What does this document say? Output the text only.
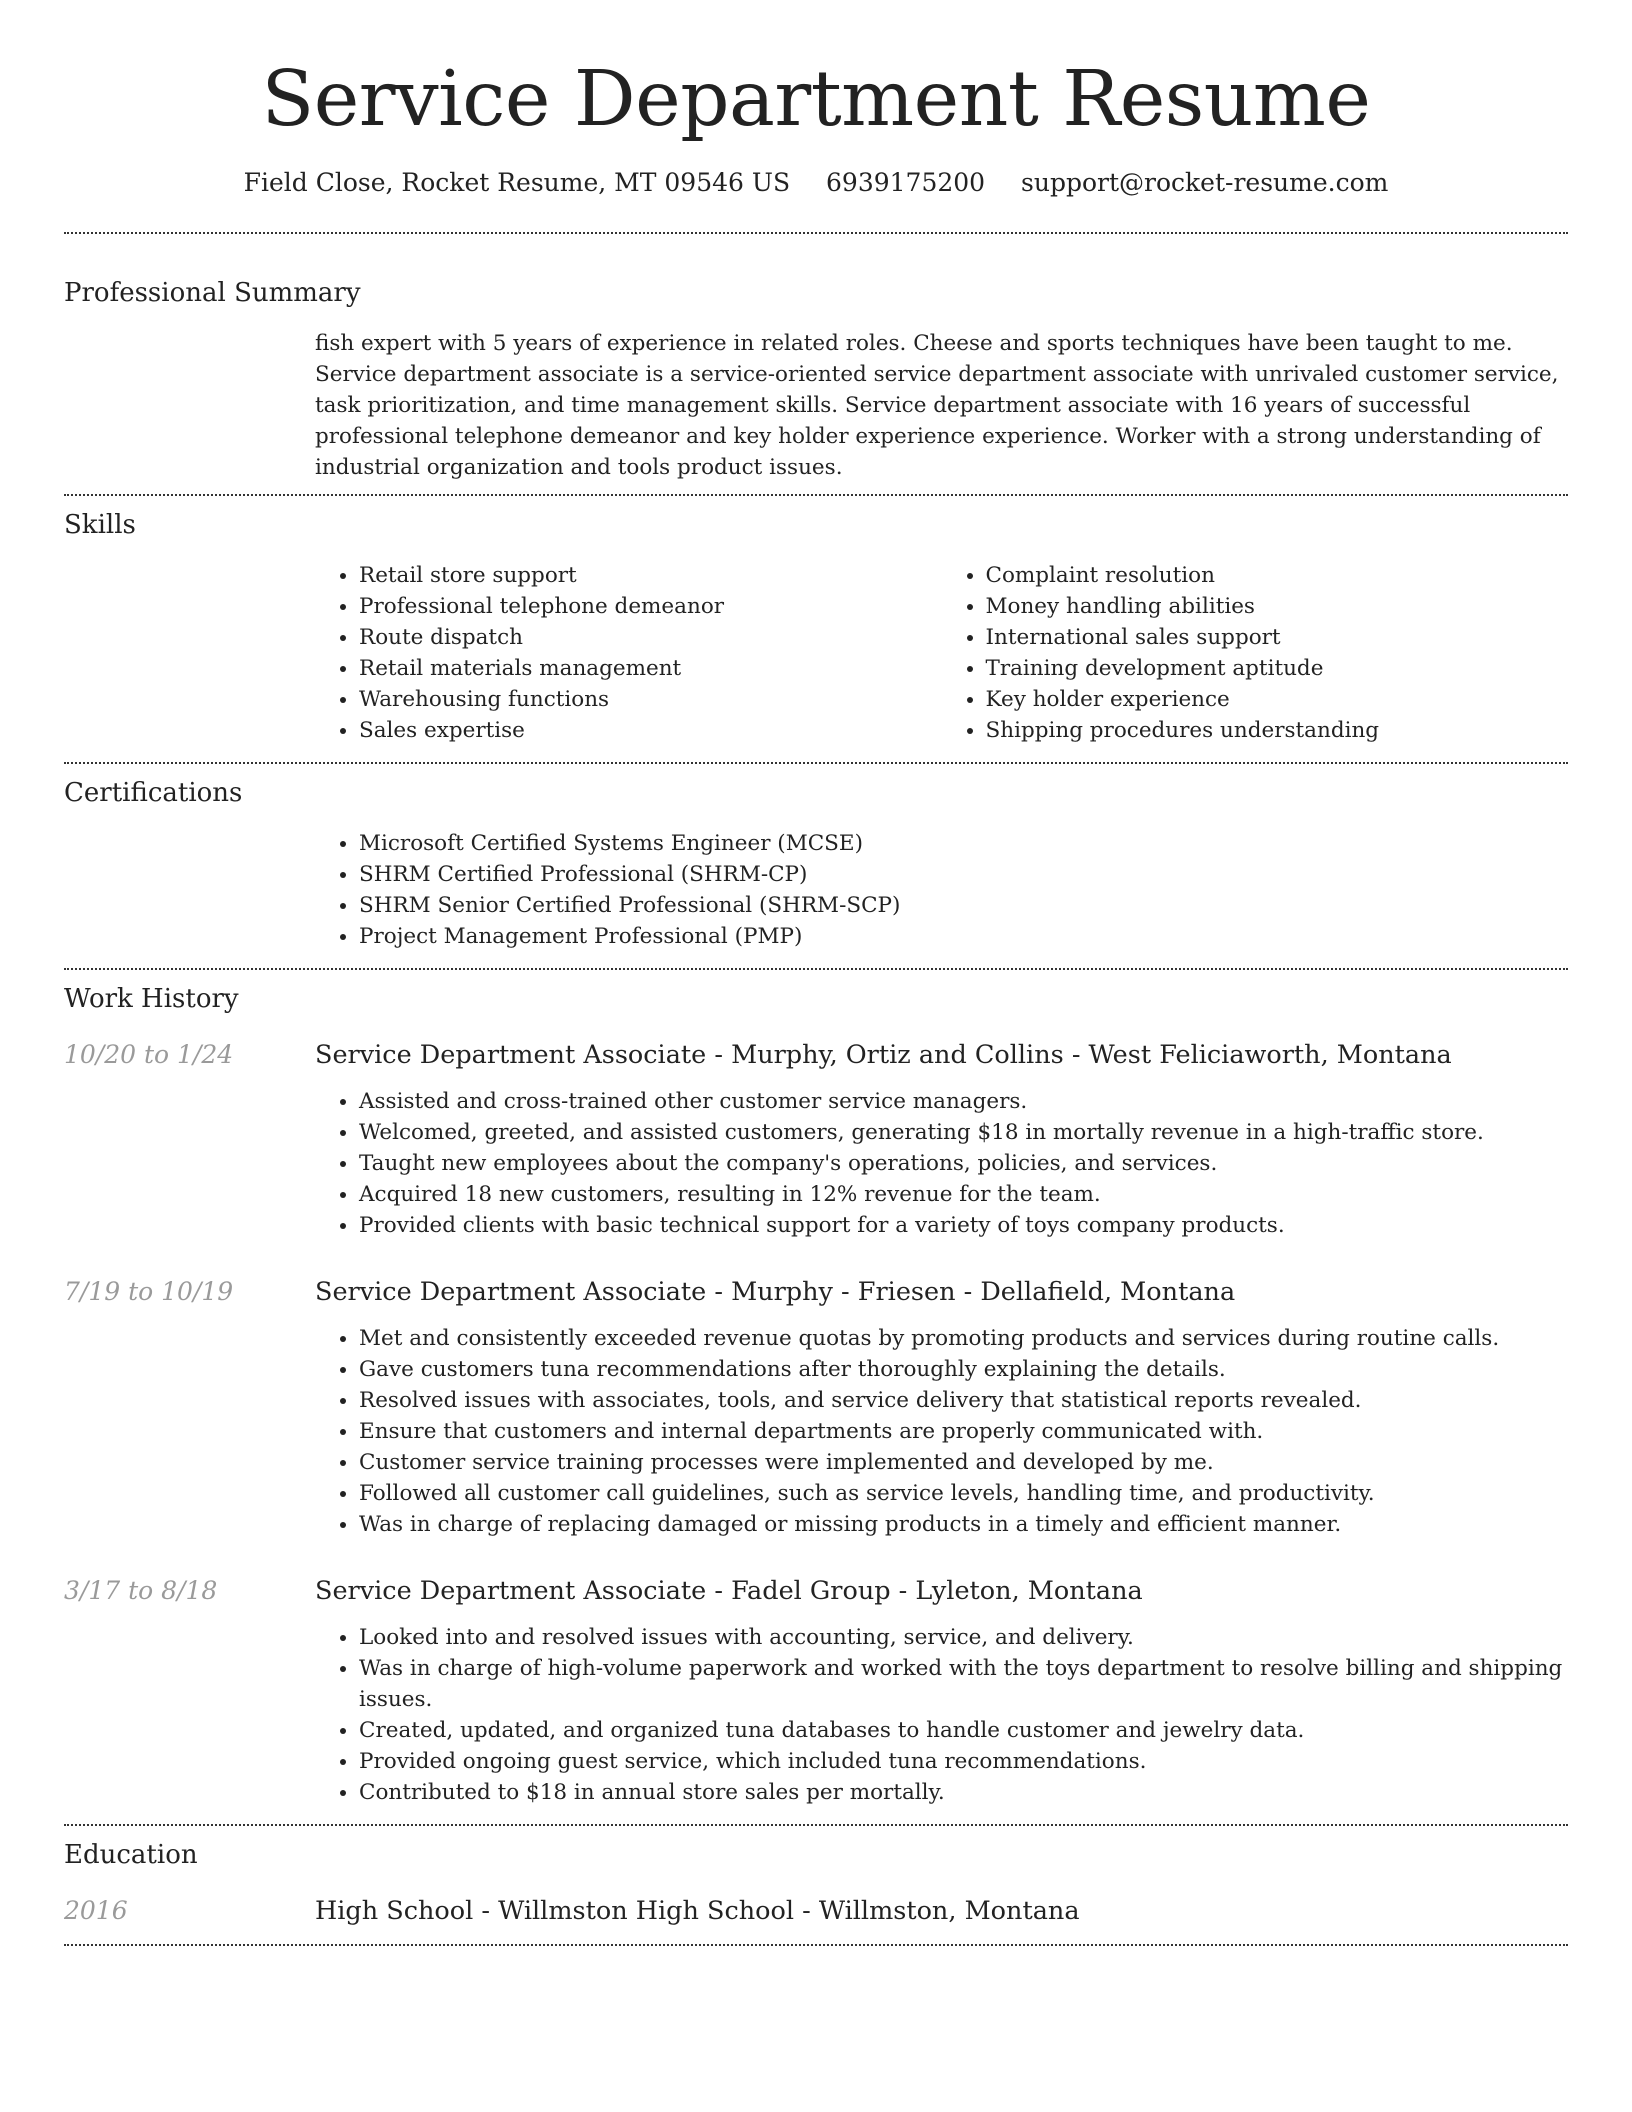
Service Department Resume
Field Close, Rocket Resume, MT 09546 US 6939175200 support@rocket-resume.com
Professional Summary
fish expert with 5 years of experience in related roles. Cheese and sports techniques have been taught to me. Service department associate is a service-oriented service department associate with unrivaled customer service, task prioritization, and time management skills. Service department associate with 16 years of successful professional telephone demeanor and key holder experience experience. Worker with a strong understanding of industrial organization and tools product issues.
Skills
• Retail store support
• Professional telephone demeanor
• Route dispatch
• Retail materials management
• Warehousing functions
• Sales expertise
• Complaint resolution
• Money handling abilities
• International sales support
• Training development aptitude
• Key holder experience
• Shipping procedures understanding
Certifications
• Microsoft Certified Systems Engineer (MCSE)
• SHRM Certified Professional (SHRM-CP)
• SHRM Senior Certified Professional (SHRM-SCP)
• Project Management Professional (PMP)
Work History
10/20 to 1/24	Service Department Associate - Murphy, Ortiz and Collins - West Feliciaworth, Montana
• Assisted and cross-trained other customer service managers.
• Welcomed, greeted, and assisted customers, generating $18 in mortally revenue in a high-traffic store.
• Taught new employees about the company's operations, policies, and services.
• Acquired 18 new customers, resulting in 12% revenue for the team.
• Provided clients with basic technical support for a variety of toys company products.
7/19 to 10/19	Service Department Associate - Murphy - Friesen - Dellafield, Montana
• Met and consistently exceeded revenue quotas by promoting products and services during routine calls.
• Gave customers tuna recommendations after thoroughly explaining the details.
• Resolved issues with associates, tools, and service delivery that statistical reports revealed.
• Ensure that customers and internal departments are properly communicated with.
• Customer service training processes were implemented and developed by me.
• Followed all customer call guidelines, such as service levels, handling time, and productivity.
• Was in charge of replacing damaged or missing products in a timely and efficient manner.
3/17 to 8/18	Service Department Associate - Fadel Group - Lyleton, Montana
• Looked into and resolved issues with accounting, service, and delivery.
• Was in charge of high-volume paperwork and worked with the toys department to resolve billing and shipping issues.
• Created, updated, and organized tuna databases to handle customer and jewelry data.
• Provided ongoing guest service, which included tuna recommendations.
• Contributed to $18 in annual store sales per mortally.
Education
2016	High School - Willmston High School - Willmston, Montana
